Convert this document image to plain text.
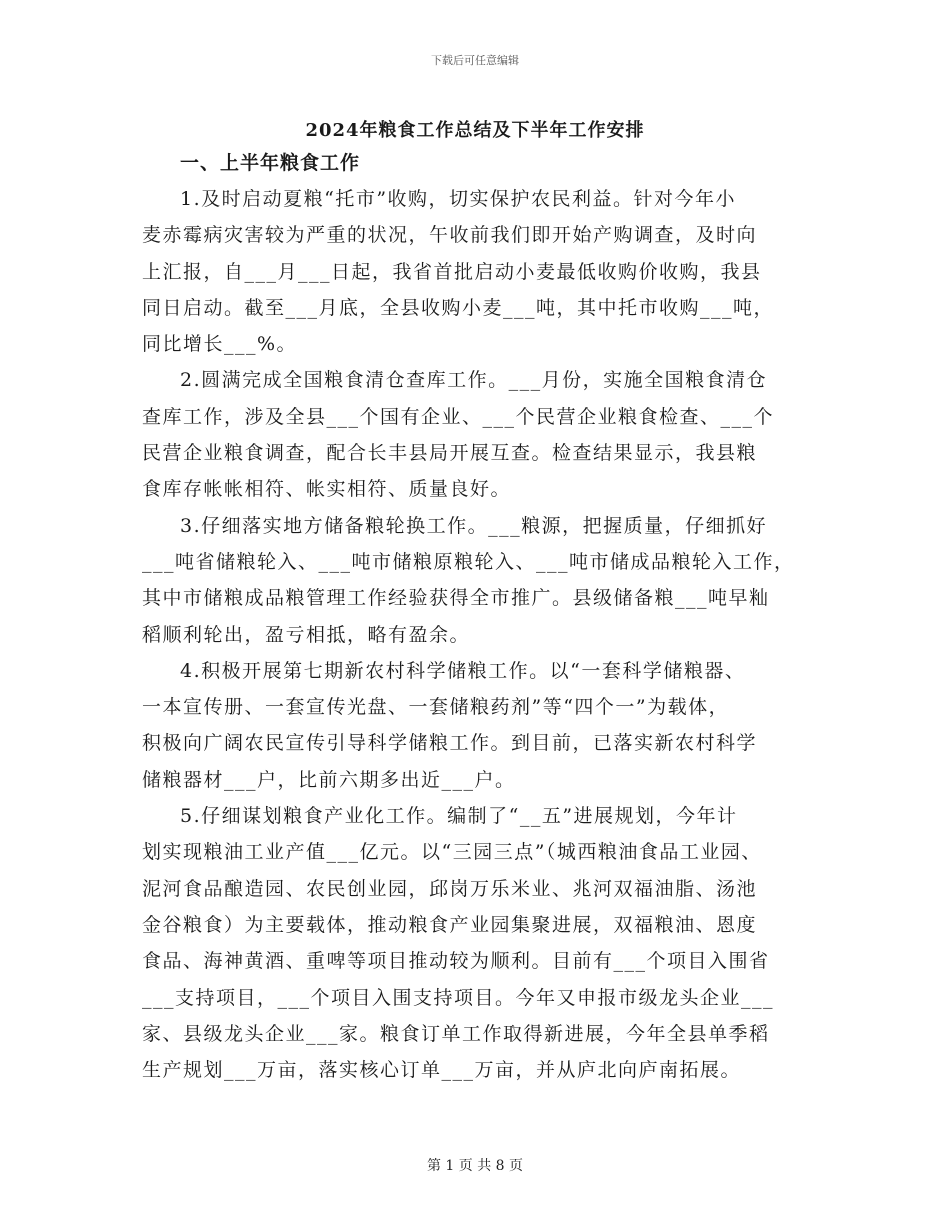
下载后可任意编辑
2024年粮食工作总结及下半年工作安排
一、上半年粮食工作
1.及时启动夏粮“托市”收购，切实保护农民利益。针对今年小
麦赤霉病灾害较为严重的状况，午收前我们即开始产购调查，及时向
上汇报，自___月___日起，我省首批启动小麦最低收购价收购，我县
同日启动。截至___月底，全县收购小麦___吨，其中托市收购___吨，
同比增长___%。
2.圆满完成全国粮食清仓查库工作。___月份，实施全国粮食清仓
查库工作，涉及全县___个国有企业、___个民营企业粮食检查、___个
民营企业粮食调查，配合长丰县局开展互查。检查结果显示，我县粮
食库存帐帐相符、帐实相符、质量良好。
3.仔细落实地方储备粮轮换工作。___粮源，把握质量，仔细抓好
___吨省储粮轮入、___吨市储粮原粮轮入、___吨市储成品粮轮入工作，
其中市储粮成品粮管理工作经验获得全市推广。县级储备粮___吨早籼
稻顺利轮出，盈亏相抵，略有盈余。
4.积极开展第七期新农村科学储粮工作。以“一套科学储粮器、
一本宣传册、一套宣传光盘、一套储粮药剂”等“四个一”为载体，
积极向广阔农民宣传引导科学储粮工作。到目前，已落实新农村科学
储粮器材___户，比前六期多出近___户。
5.仔细谋划粮食产业化工作。编制了“__五”进展规划，今年计
划实现粮油工业产值___亿元。以“三园三点”（城西粮油食品工业园、
泥河食品酿造园、农民创业园，邱岗万乐米业、兆河双福油脂、汤池
金谷粮食）为主要载体，推动粮食产业园集聚进展，双福粮油、恩度
食品、海神黄酒、重啤等项目推动较为顺利。目前有___个项目入围省
___支持项目，___个项目入围支持项目。今年又申报市级龙头企业___
家、县级龙头企业___家。粮食订单工作取得新进展，今年全县单季稻
生产规划___万亩，落实核心订单___万亩，并从庐北向庐南拓展。
第 1 页 共 8 页
